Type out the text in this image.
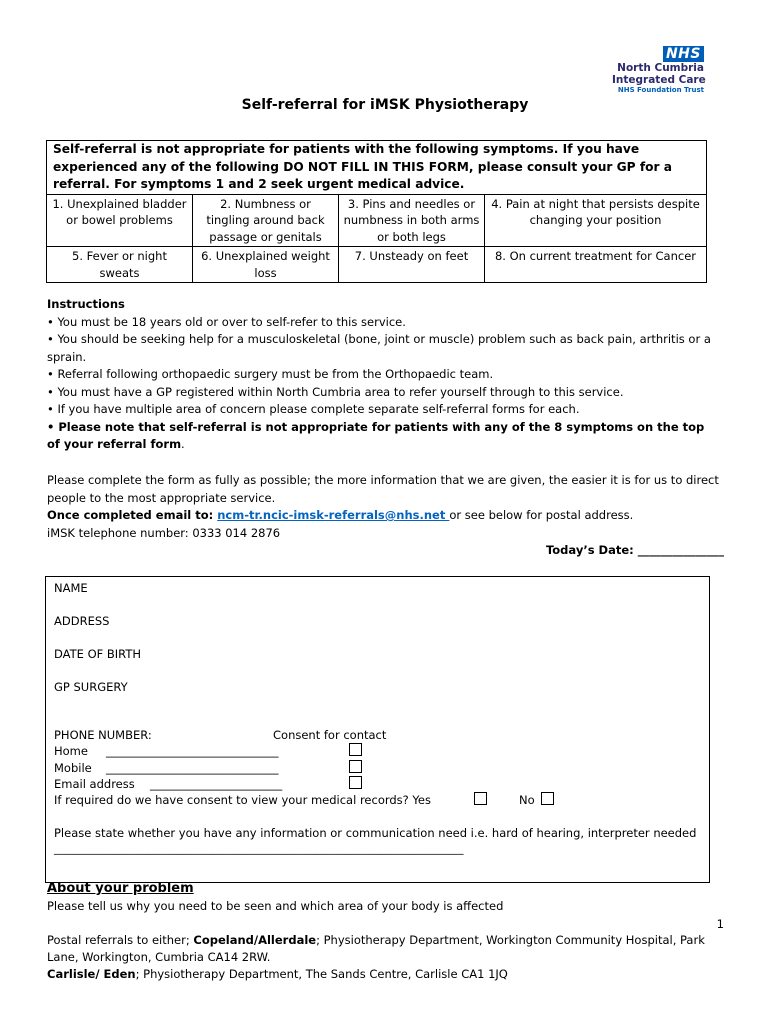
NHS
North Cumbria
Integrated Care
NHS Foundation Trust
Self-referral for iMSK Physiotherapy
Self-referral is not appropriate for patients with the following symptoms. If you have experienced any of the following DO NOT FILL IN THIS FORM, please consult your GP for a referral. For symptoms 1 and 2 seek urgent medical advice.			
1. Unexplained bladder or bowel problems	2. Numbness or tingling around back passage or genitals	3. Pins and needles or numbness in both arms or both legs	4. Pain at night that persists despite changing your position
5. Fever or night sweats	6. Unexplained weight loss	7. Unsteady on feet	8. On current treatment for Cancer
Instructions
• You must be 18 years old or over to self-refer to this service.
• You should be seeking help for a musculoskeletal (bone, joint or muscle) problem such as back pain, arthritis or a sprain.
• Referral following orthopaedic surgery must be from the Orthopaedic team.
• You must have a GP registered within North Cumbria area to refer yourself through to this service.
• If you have multiple area of concern please complete separate self-referral forms for each.
• Please note that self-referral is not appropriate for patients with any of the 8 symptoms on the top of your referral form.
Please complete the form as fully as possible; the more information that we are given, the easier it is for us to direct people to the most appropriate service.
Once completed email to: ncm-tr.ncic-imsk-referrals@nhs.net or see below for postal address.
iMSK telephone number: 0333 014 2876
Today’s Date: _______________
NAME
ADDRESS
DATE OF BIRTH
GP SURGERY
PHONE NUMBER:	Consent for contact
Home ______________________________
Mobile ______________________________
Email address _______________________
If required do we have consent to view your medical records? Yes	No
Please state whether you have any information or communication need i.e. hard of hearing, interpreter needed
______________________________________________________________________________
About your problem
Please tell us why you need to be seen and which area of your body is affected
1
Postal referrals to either; Copeland/Allerdale; Physiotherapy Department, Workington Community Hospital, Park Lane, Workington, Cumbria CA14 2RW.
Carlisle/ Eden; Physiotherapy Department, The Sands Centre, Carlisle CA1 1JQ
